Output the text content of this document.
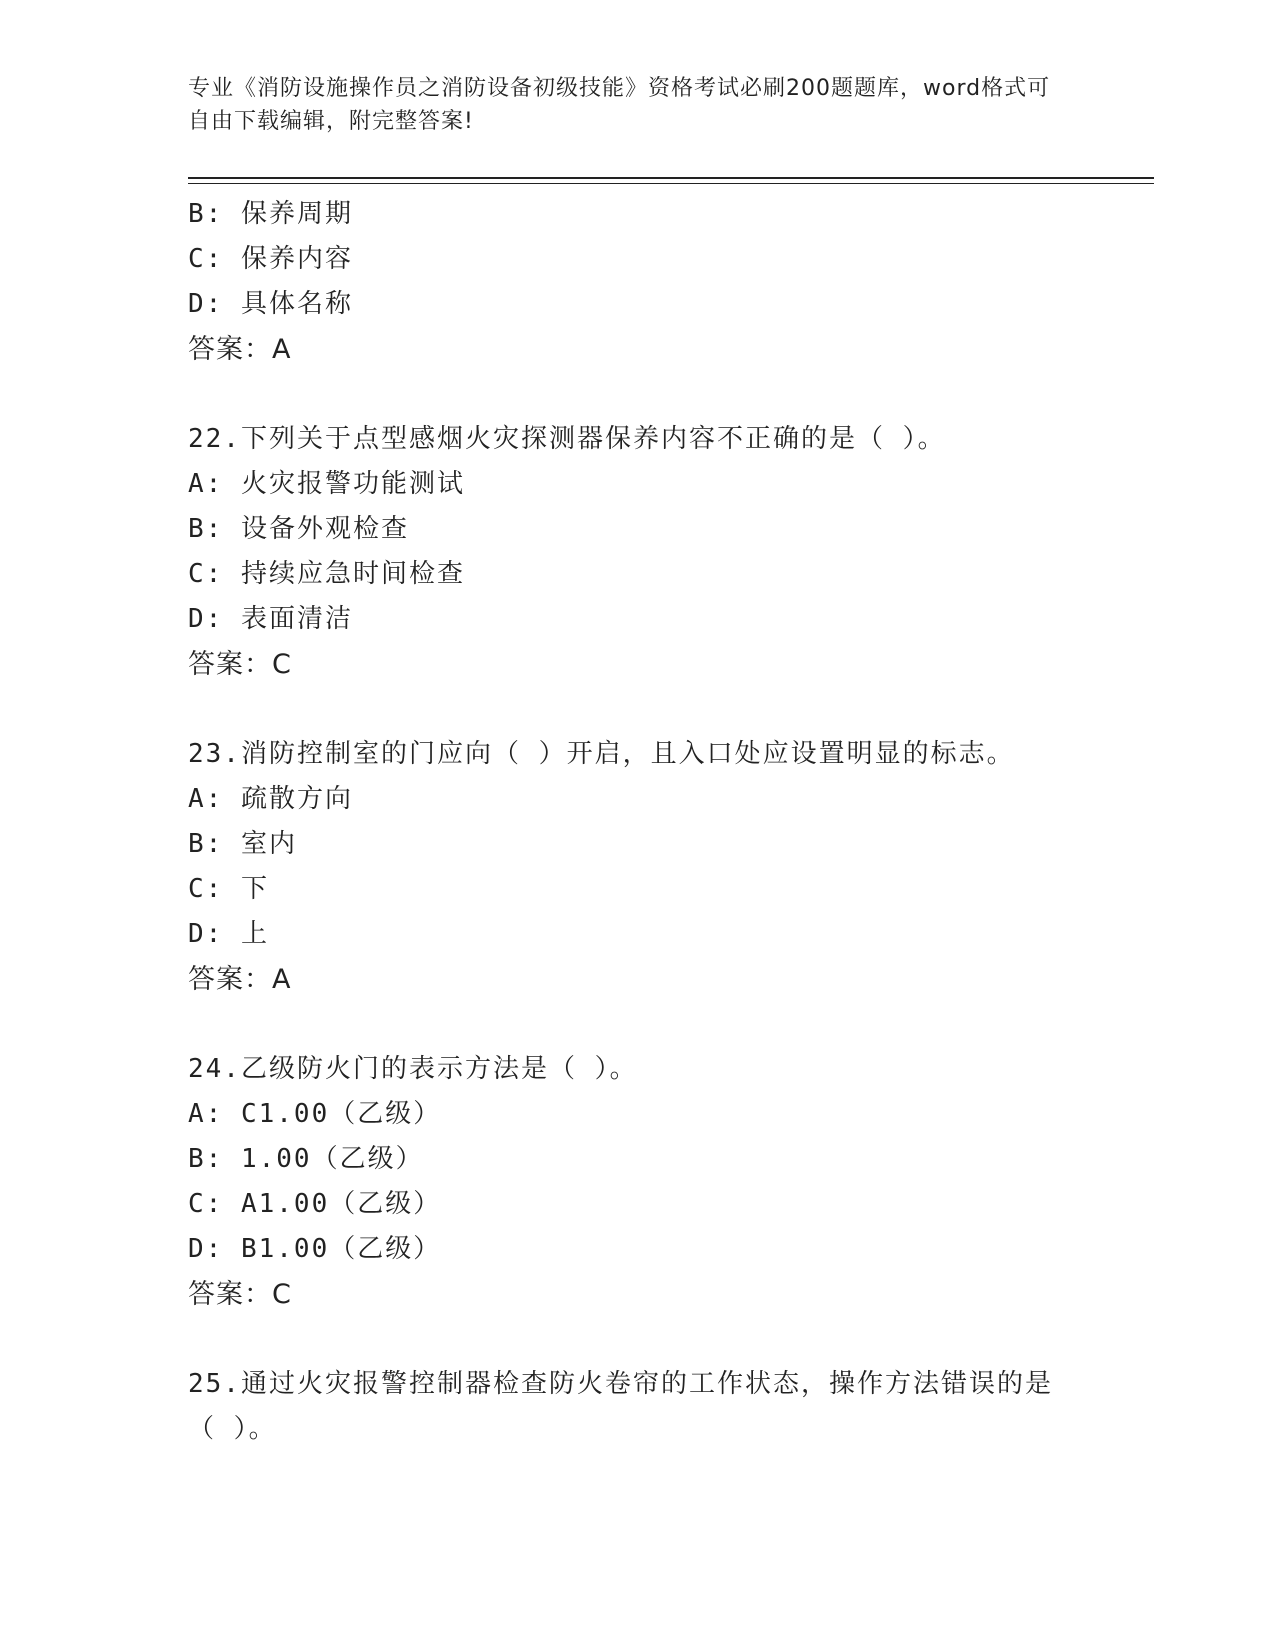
专业《消防设施操作员之消防设备初级技能》资格考试必刷200题题库，word格式可自由下载编辑，附完整答案!
B: 保养周期
C: 保养内容
D: 具体名称
答案：A
22.下列关于点型感烟火灾探测器保养内容不正确的是（ ）。
A: 火灾报警功能测试
B: 设备外观检查
C: 持续应急时间检查
D: 表面清洁
答案：C
23.消防控制室的门应向（ ）开启，且入口处应设置明显的标志。
A: 疏散方向
B: 室内
C: 下
D: 上
答案：A
24.乙级防火门的表示方法是（ ）。
A: C1.00（乙级）
B: 1.00（乙级）
C: A1.00（乙级）
D: B1.00（乙级）
答案：C
25.通过火灾报警控制器检查防火卷帘的工作状态，操作方法错误的是
（ ）。
